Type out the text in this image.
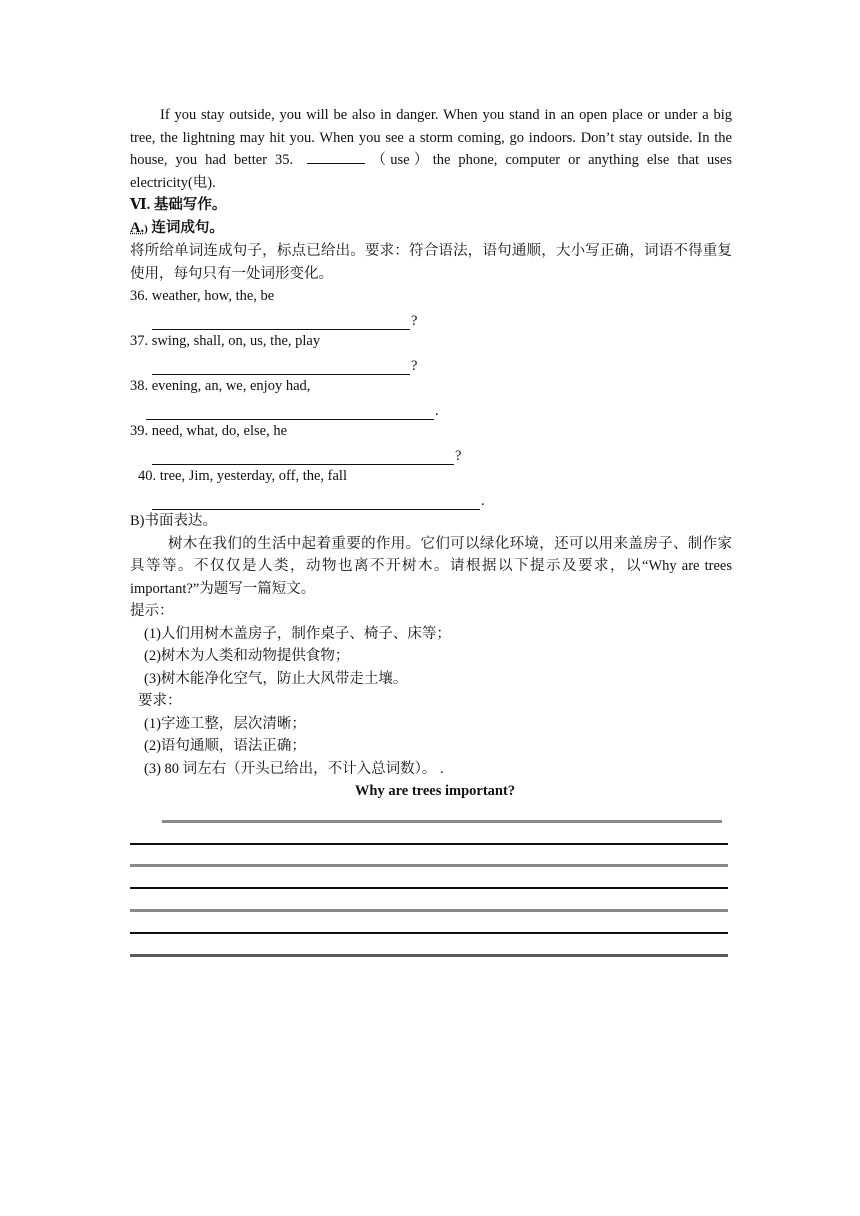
If you stay outside, you will be also in danger. When you stand in an open place or under a big tree, the lightning may hit you. When you see a storm coming, go indoors. Don’t stay outside. In the house, you had better 35.	（use）the phone, computer or anything else that uses electricity(电).

Ⅵ. 基础写作。

A.) 连词成句。

将所给单词连成句子，标点已给出。要求：符合语法，语句通顺，大小写正确，词语不得重复使用，每句只有一处词形变化。

36. weather, how, the, be

?

37. swing, shall, on, us, the, play

?

38. evening, an, we, enjoy had,

.

39. need, what, do, else, he

?

40. tree, Jim, yesterday, off, the, fall

.

B)书面表达。

树木在我们的生活中起着重要的作用。它们可以绿化环境，还可以用来盖房子、制作家具等等。不仅仅是人类，动物也离不开树木。请根据以下提示及要求，以“Why are trees important?”为题写一篇短文。

提示：

(1)人们用树木盖房子，制作桌子、椅子、床等；

(2)树木为人类和动物提供食物；

(3)树木能净化空气，防止大风带走土壤。

要求：

(1)字迹工整，层次清晰；

(2)语句通顺，语法正确；

(3) 80 词左右（开头已给出，不计入总词数）。 .

Why are trees important?
